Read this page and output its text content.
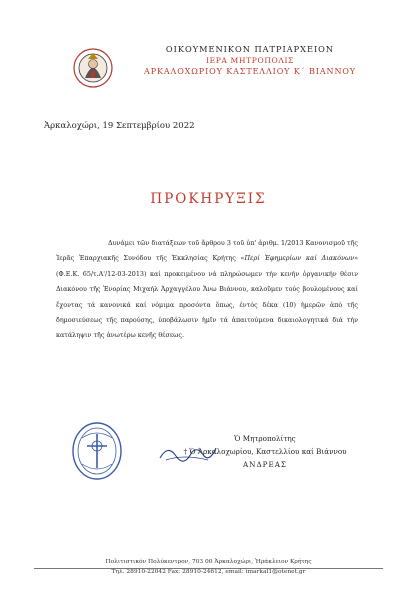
ΟΙΚΟΥΜΕΝΙΚΟΝ ΠΑΤΡΙΑΡΧΕΙΟΝ
ΙΕΡΑ ΜΗΤΡΟΠΟΛΙΣ
ΑΡΚΑΛΟΧΩΡΙΟΥ ΚΑΣΤΕΛΛΙΟΥ Κ΄ ΒΙΑΝΝΟΥ
Ἀρκαλοχώρι, 19 Σεπτεμβρίου 2022
ΠΡΟΚΗΡΥΞΙΣ
Δυνάμει τῶν διατάξεων τοῦ ἄρθρου 3 τοῦ ὑπ' ἀριθμ. 1/2013 Κανονισμοῦ τῆς Ἱερᾶς Ἐπαρχιακῆς Συνόδου τῆς Ἐκκλησίας Κρήτης «Περί Ἐφημερίων καί Διακόνων» (Φ.Ε.Κ. 65/τ.Α'/12-03-2013) καί προκειμένου νά πληρώσωμεν τήν κενήν ὀργανικήν θέσιν Διακόνου τῆς Ἐνορίας Μιχαήλ Ἀρχαγγέλου Ἄνω Βιάννου, καλοῦμεν τούς βουλομένους καί ἔχοντας τά κανονικά καί νόμιμα προσόντα ὅπως, ἐντός δέκα (10) ἡμερῶν ἀπό τῆς δημοσιεύσεως τῆς παρούσης, ὑποβάλωσιν ἡμῖν τά ἀπαιτούμενα δικαιολογητικά διά τήν κατάληψιν τῆς ἀνωτέρω κενῆς θέσεως.
Ὁ Μητροπολίτης
† Ὁ Ἀρκαλοχωρίου, Καστελλίου καί Βιάννου
ΑΝΔΡΕΑΣ
Πολιτιστικόν Πολύκεντρον, 703 00 Ἀρκαλοχώρι, Ἡράκλειον Κρήτης
Τηλ. 28910-22042 Fax: 28910-24612, email: imarkal1@otenet.gr
